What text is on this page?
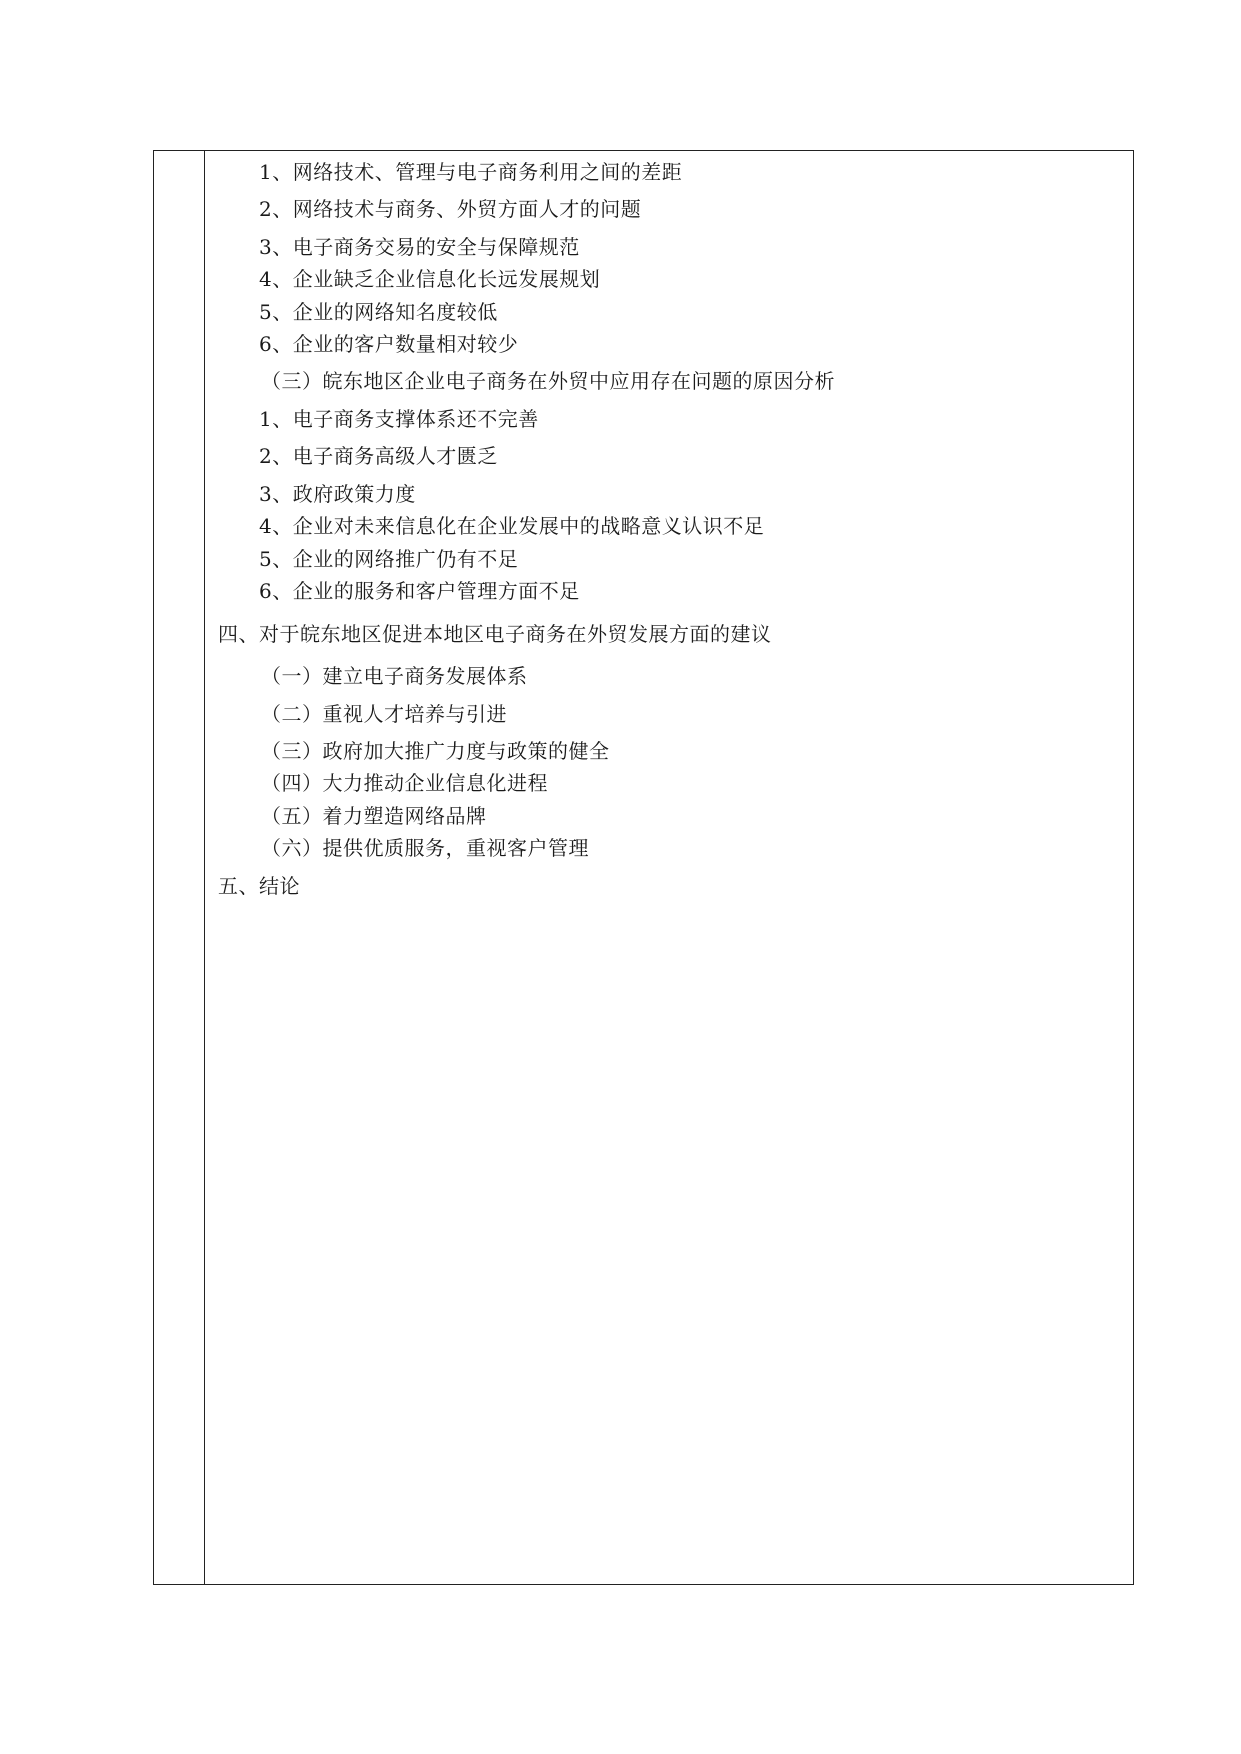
1、网络技术、管理与电子商务利用之间的差距
2、网络技术与商务、外贸方面人才的问题
3、电子商务交易的安全与保障规范
4、企业缺乏企业信息化长远发展规划
5、企业的网络知名度较低
6、企业的客户数量相对较少
（三）皖东地区企业电子商务在外贸中应用存在问题的原因分析
1、电子商务支撑体系还不完善
2、电子商务高级人才匮乏
3、政府政策力度
4、企业对未来信息化在企业发展中的战略意义认识不足
5、企业的网络推广仍有不足
6、企业的服务和客户管理方面不足
四、对于皖东地区促进本地区电子商务在外贸发展方面的建议
（一）建立电子商务发展体系
（二）重视人才培养与引进
（三）政府加大推广力度与政策的健全
（四）大力推动企业信息化进程
（五）着力塑造网络品牌
（六）提供优质服务，重视客户管理
五、结论
